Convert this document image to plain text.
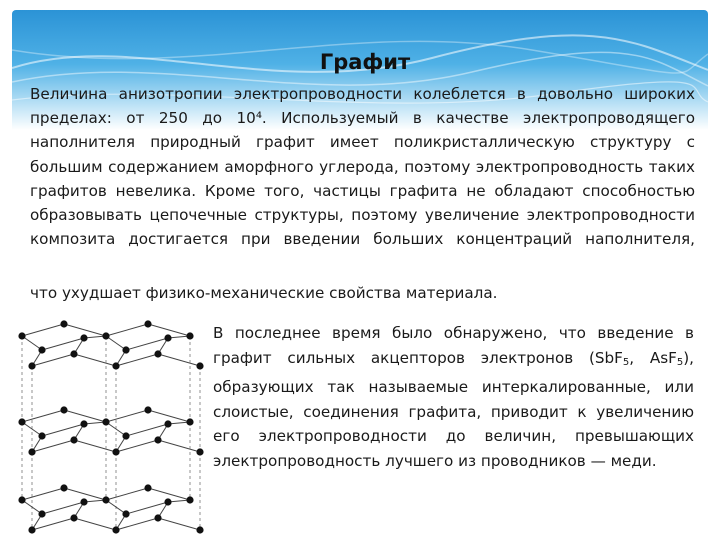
Графит
Величина анизотропии электропроводности колеблется в довольно широких пределах: от 250 до 10⁴. Используемый в качестве электропроводящего наполнителя природный графит имеет поликристаллическую структуру с большим содержанием аморфного углерода, поэтому электропроводность таких графитов невелика. Кроме того, частицы графита не обладают способностью образовывать цепочечные структуры, поэтому увеличение электропроводности композита достигается при введении больших концентраций наполнителя,
что ухудшает физико-механические свойства материала.
В последнее время было обнаружено, что введение в графит сильных акцепторов электронов (SbF$_5$, AsF$_5$), образующих так называемые интеркалированные, или слоистые, соединения графита, приводит к увеличению его электропроводности до величин, превышающих электропроводность лучшего из проводников — меди.
